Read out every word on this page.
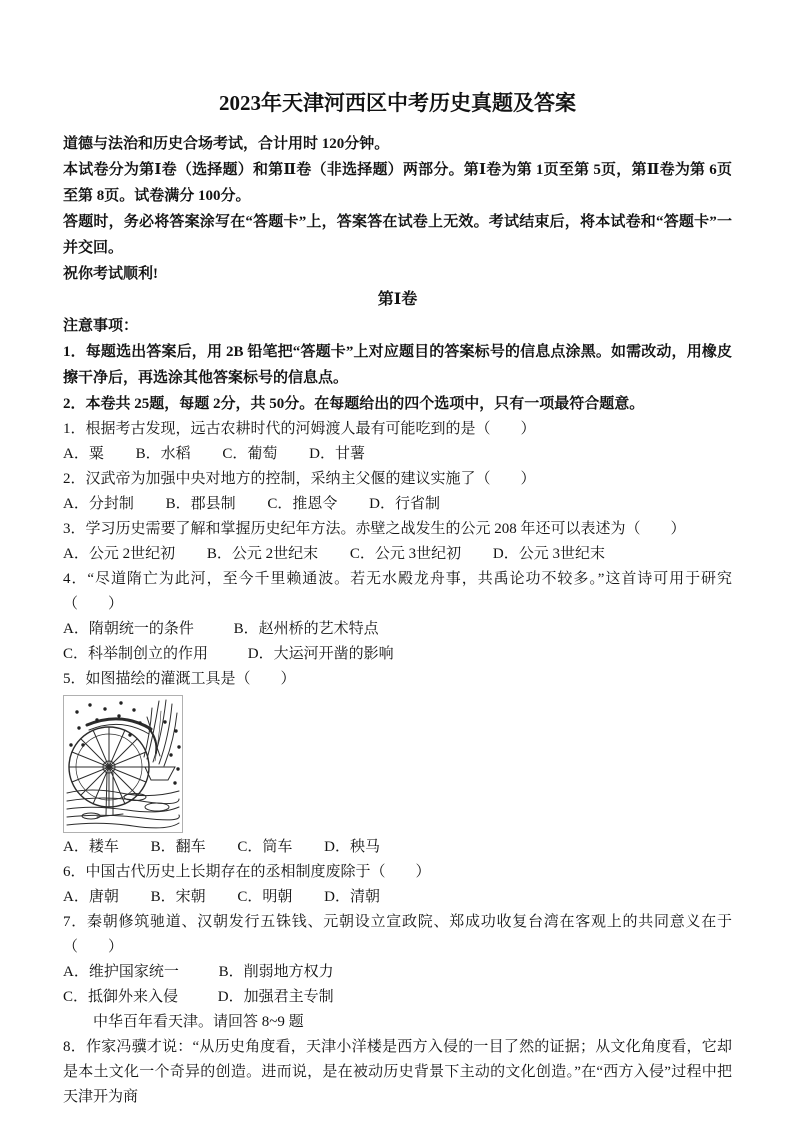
2023年天津河西区中考历史真题及答案

道德与法治和历史合场考试，合计用时 120分钟。

本试卷分为第Ⅰ卷（选择题）和第Ⅱ卷（非选择题）两部分。第Ⅰ卷为第 1页至第 5页，第Ⅱ卷为第 6页至第 8页。试卷满分 100分。

答题时，务必将答案涂写在“答题卡”上，答案答在试卷上无效。考试结束后，将本试卷和“答题卡”一并交回。

祝你考试顺利!

第Ⅰ卷

注意事项：

1．每题选出答案后，用 2B 铅笔把“答题卡”上对应题目的答案标号的信息点涂黑。如需改动，用橡皮擦干净后，再选涂其他答案标号的信息点。

2．本卷共 25题，每题 2分，共 50分。在每题给出的四个选项中，只有一项最符合题意。

1．根据考古发现，远古农耕时代的河姆渡人最有可能吃到的是（　　）

A．粟 B．水稻 C．葡萄 D．甘薯

2．汉武帝为加强中央对地方的控制，采纳主父偃的建议实施了（　　）

A．分封制 B．郡县制 C．推恩令 D．行省制

3．学习历史需要了解和掌握历史纪年方法。赤壁之战发生的公元 208 年还可以表述为（　　）

A．公元 2世纪初 B．公元 2世纪末 C．公元 3世纪初 D．公元 3世纪末

4．“尽道隋亡为此河，至今千里赖通波。若无水殿龙舟事，共禹论功不较多。”这首诗可用于研究（　　）

A．隋朝统一的条件	B．赵州桥的艺术特点

C．科举制创立的作用	D．大运河开凿的影响

5．如图描绘的灌溉工具是（　　）

A．耧车 B．翻车 C．筒车 D．秧马

6．中国古代历史上长期存在的丞相制度废除于（　　）

A．唐朝 B．宋朝 C．明朝 D．清朝

7．秦朝修筑驰道、汉朝发行五铢钱、元朝设立宣政院、郑成功收复台湾在客观上的共同意义在于（　　）

A．维护国家统一	B．削弱地方权力

C．抵御外来入侵	D．加强君主专制

中华百年看天津。请回答 8~9 题

8．作家冯骥才说：“从历史角度看，天津小洋楼是西方入侵的一目了然的证据；从文化角度看，它却是本土文化一个奇异的创造。进而说，是在被动历史背景下主动的文化创造。”在“西方入侵”过程中把天津开为商
